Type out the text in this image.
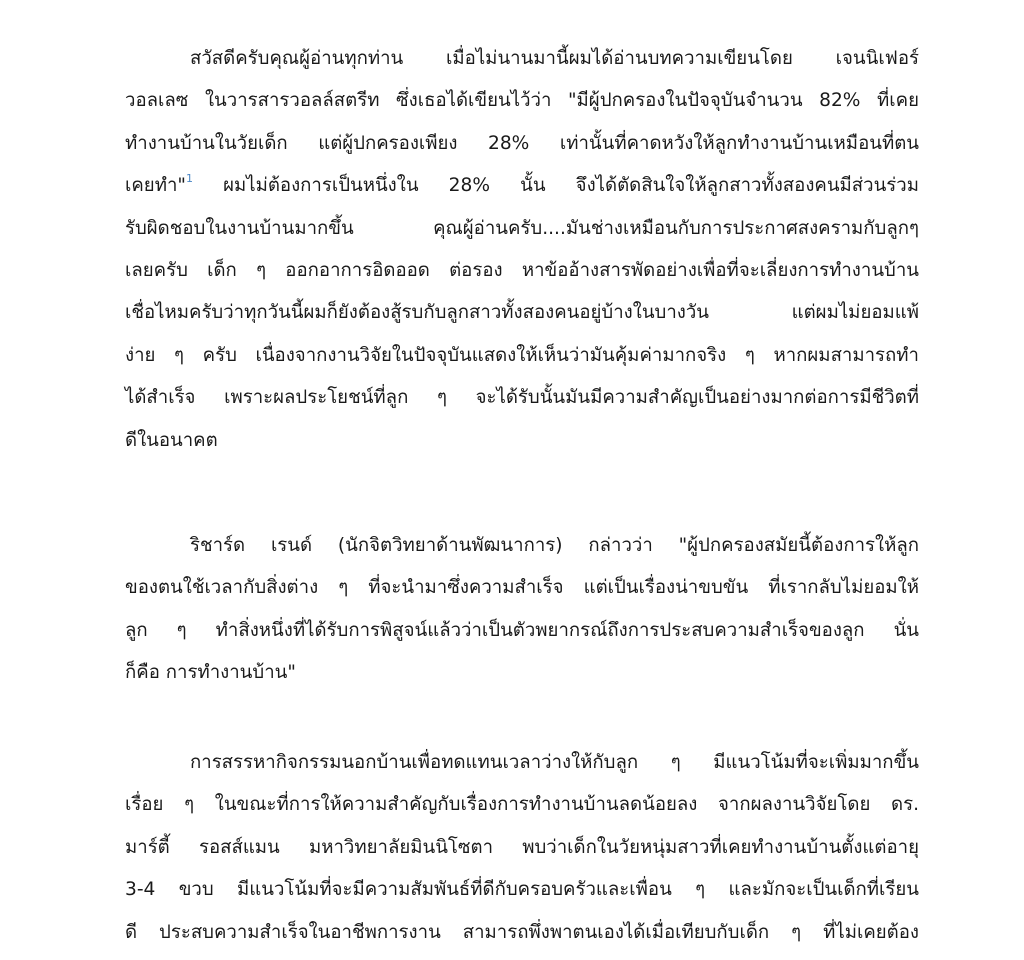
สวัสดีครับคุณผู้อ่านทุกท่าน เมื่อไม่นานมานี้ผมได้อ่านบทความเขียนโดย เจนนิเฟอร์
วอลเลซ ในวารสารวอลล์สตรีท ซึ่งเธอได้เขียนไว้ว่า "มีผู้ปกครองในปัจจุบันจำนวน 82% ที่เคย
ทำงานบ้านในวัยเด็ก แต่ผู้ปกครองเพียง 28% เท่านั้นที่คาดหวังให้ลูกทำงานบ้านเหมือนที่ตน
เคยทำ"$^1$ ผมไม่ต้องการเป็นหนึ่งใน 28% นั้น จึงได้ตัดสินใจให้ลูกสาวทั้งสองคนมีส่วนร่วม
รับผิดชอบในงานบ้านมากขึ้น คุณผู้อ่านครับ....มันช่างเหมือนกับการประกาศสงครามกับลูกๆ
เลยครับ เด็ก ๆ ออกอาการอิดออด ต่อรอง หาข้ออ้างสารพัดอย่างเพื่อที่จะเลี่ยงการทำงานบ้าน
เชื่อไหมครับว่าทุกวันนี้ผมก็ยังต้องสู้รบกับลูกสาวทั้งสองคนอยู่บ้างในบางวัน แต่ผมไม่ยอมแพ้
ง่าย ๆ ครับ เนื่องจากงานวิจัยในปัจจุบันแสดงให้เห็นว่ามันคุ้มค่ามากจริง ๆ หากผมสามารถทำ
ได้สำเร็จ เพราะผลประโยชน์ที่ลูก ๆ จะได้รับนั้นมันมีความสำคัญเป็นอย่างมากต่อการมีชีวิตที่
ดีในอนาคต
ริชาร์ด เรนด์ (นักจิตวิทยาด้านพัฒนาการ) กล่าวว่า "ผู้ปกครองสมัยนี้ต้องการให้ลูก
ของตนใช้เวลากับสิ่งต่าง ๆ ที่จะนำมาซึ่งความสำเร็จ แต่เป็นเรื่องน่าขบขัน ที่เรากลับไม่ยอมให้
ลูก ๆ ทำสิ่งหนึ่งที่ได้รับการพิสูจน์แล้วว่าเป็นตัวพยากรณ์ถึงการประสบความสำเร็จของลูก นั่น
ก็คือ การทำงานบ้าน"
การสรรหากิจกรรมนอกบ้านเพื่อทดแทนเวลาว่างให้กับลูก ๆ มีแนวโน้มที่จะเพิ่มมากขึ้น
เรื่อย ๆ ในขณะที่การให้ความสำคัญกับเรื่องการทำงานบ้านลดน้อยลง จากผลงานวิจัยโดย ดร.
มาร์ตี้ รอสส์แมน มหาวิทยาลัยมินนิโซตา พบว่าเด็กในวัยหนุ่มสาวที่เคยทำงานบ้านตั้งแต่อายุ
3-4 ขวบ มีแนวโน้มที่จะมีความสัมพันธ์ที่ดีกับครอบครัวและเพื่อน ๆ และมักจะเป็นเด็กที่เรียน
ดี ประสบความสำเร็จในอาชีพการงาน สามารถพึ่งพาตนเองได้เมื่อเทียบกับเด็ก ๆ ที่ไม่เคยต้อง
